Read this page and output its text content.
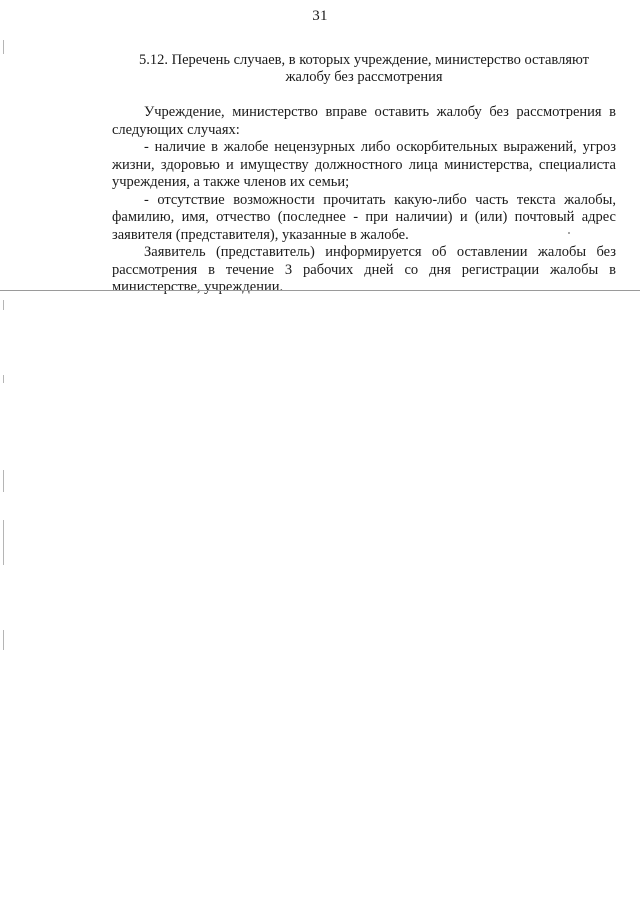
31
5.12. Перечень случаев, в которых учреждение, министерство оставляют
жалобу без рассмотрения

Учреждение, министерство вправе оставить жалобу без рассмотрения в следующих случаях:

- наличие в жалобе нецензурных либо оскорбительных выражений, угроз жизни, здоровью и имуществу должностного лица министерства, специалиста учреждения, а также членов их семьи;

- отсутствие возможности прочитать какую-либо часть текста жалобы, фамилию, имя, отчество (последнее - при наличии) и (или) почтовый адрес заявителя (представителя), указанные в жалобе.

Заявитель (представитель) информируется об оставлении жалобы без рассмотрения в течение 3 рабочих дней со дня регистрации жалобы в министерстве, учреждении.
